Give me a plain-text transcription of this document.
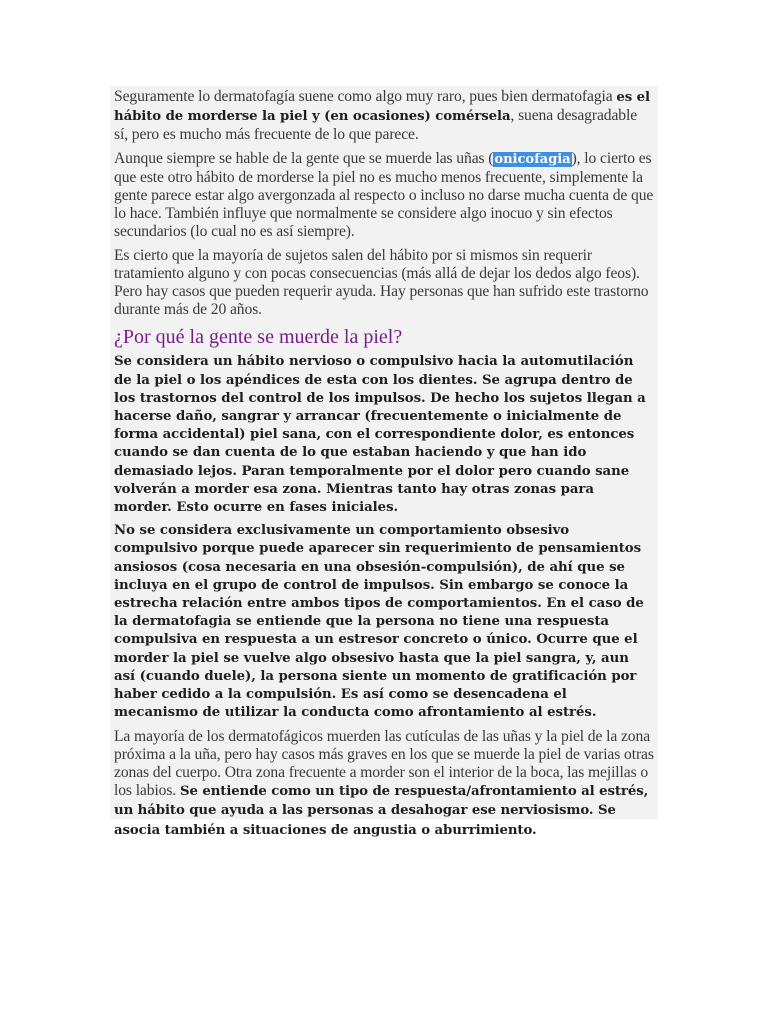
Seguramente lo dermatofagía suene como algo muy raro, pues bien dermatofagia es el hábito de morderse la piel y (en ocasiones) comérsela, suena desagradable sí, pero es mucho más frecuente de lo que parece.

Aunque siempre se hable de la gente que se muerde las uñas (onicofagia), lo cierto es que este otro hábito de morderse la piel no es mucho menos frecuente, simplemente la gente parece estar algo avergonzada al respecto o incluso no darse mucha cuenta de que lo hace. También influye que normalmente se considere algo inocuo y sin efectos secundarios (lo cual no es así siempre).

Es cierto que la mayoría de sujetos salen del hábito por si mismos sin requerir tratamiento alguno y con pocas consecuencias (más allá de dejar los dedos algo feos). Pero hay casos que pueden requerir ayuda. Hay personas que han sufrido este trastorno durante más de 20 años.

¿Por qué la gente se muerde la piel?

Se considera un hábito nervioso o compulsivo hacia la automutilación de la piel o los apéndices de esta con los dientes. Se agrupa dentro de los trastornos del control de los impulsos. De hecho los sujetos llegan a hacerse daño, sangrar y arrancar (frecuentemente o inicialmente de forma accidental) piel sana, con el correspondiente dolor, es entonces cuando se dan cuenta de lo que estaban haciendo y que han ido demasiado lejos. Paran temporalmente por el dolor pero cuando sane volverán a morder esa zona. Mientras tanto hay otras zonas para morder. Esto ocurre en fases iniciales.

No se considera exclusivamente un comportamiento obsesivo compulsivo porque puede aparecer sin requerimiento de pensamientos ansiosos (cosa necesaria en una obsesión-compulsión), de ahí que se incluya en el grupo de control de impulsos. Sin embargo se conoce la estrecha relación entre ambos tipos de comportamientos. En el caso de la dermatofagia se entiende que la persona no tiene una respuesta compulsiva en respuesta a un estresor concreto o único. Ocurre que el morder la piel se vuelve algo obsesivo hasta que la piel sangra, y, aun así (cuando duele), la persona siente un momento de gratificación por haber cedido a la compulsión. Es así como se desencadena el mecanismo de utilizar la conducta como afrontamiento al estrés.

La mayoría de los dermatofágicos muerden las cutículas de las uñas y la piel de la zona próxima a la uña, pero hay casos más graves en los que se muerde la piel de varias otras zonas del cuerpo. Otra zona frecuente a morder son el interior de la boca, las mejillas o los labios. Se entiende como un tipo de respuesta/afrontamiento al estrés, un hábito que ayuda a las personas a desahogar ese nerviosismo. Se asocia también a situaciones de angustia o aburrimiento.
